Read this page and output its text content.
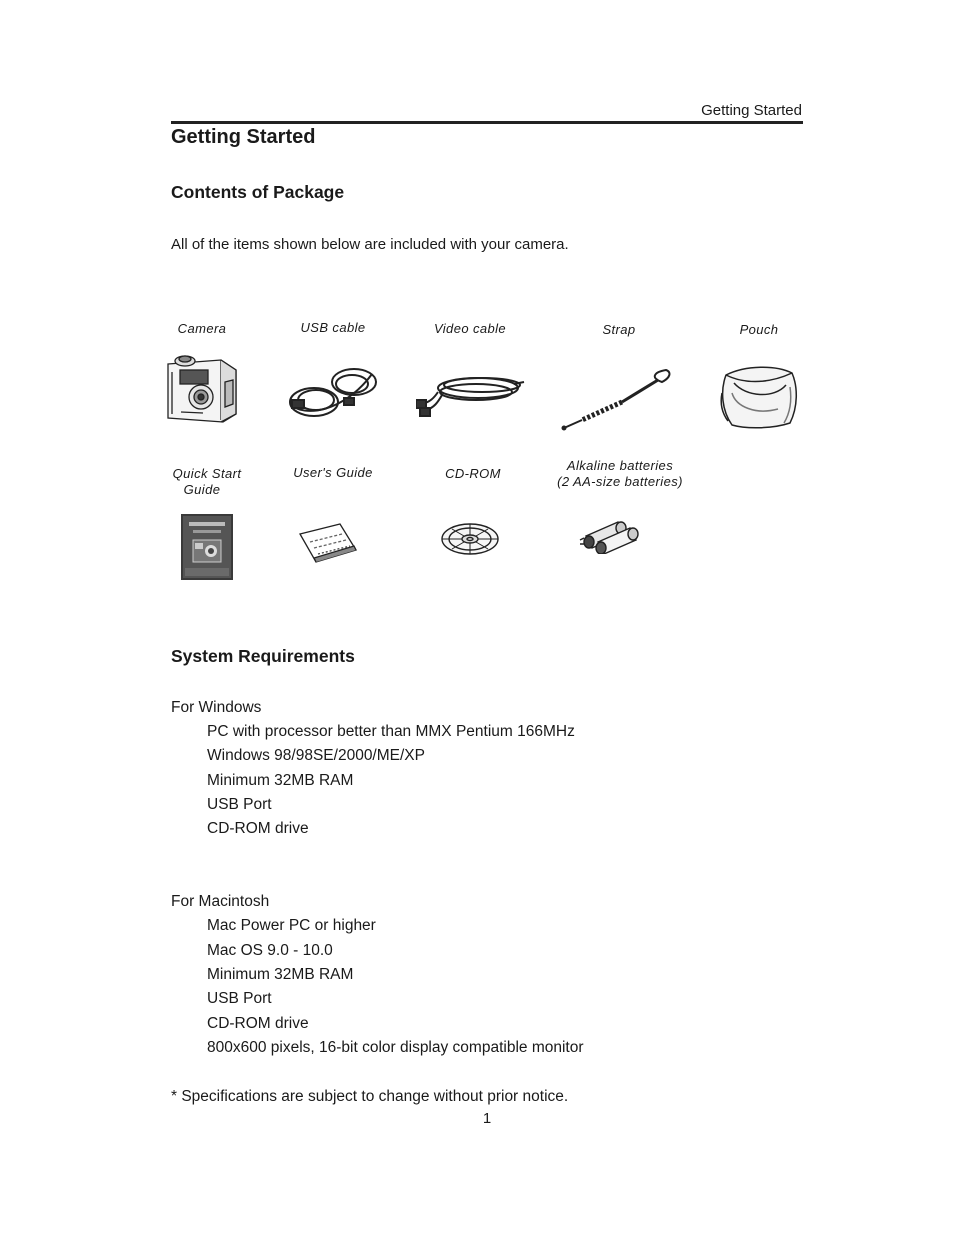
Getting Started
Getting Started
Contents of Package
All of the items shown below are included with your camera.
Camera	USB cable	Video cable	Strap	Pouch
Quick Start
Guide
User's Guide	CD-ROM
Alkaline batteries
(2 AA-size batteries)
System Requirements
For Windows
PC with processor better than MMX Pentium 166MHz
Windows 98/98SE/2000/ME/XP
Minimum 32MB RAM
USB Port
CD-ROM drive
For Macintosh
Mac Power PC or higher
Mac OS 9.0 - 10.0
Minimum 32MB RAM
USB Port
CD-ROM drive
800x600 pixels, 16-bit color display compatible monitor
* Specifications are subject to change without prior notice.
1
